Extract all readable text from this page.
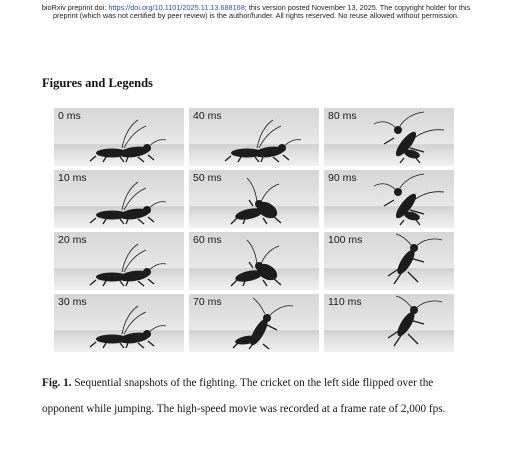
bioRxiv preprint doi: https://doi.org/10.1101/2025.11.13.688168; this version posted November 13, 2025. The copyright holder for this
preprint (which was not certified by peer review) is the author/funder. All rights reserved. No reuse allowed without permission.
Figures and Legends
0 ms	40 ms	80 ms
10 ms	50 ms	90 ms
20 ms	60 ms	100 ms
30 ms	70 ms	110 ms
Fig. 1. Sequential snapshots of the fighting. The cricket on the left side flipped over the opponent while jumping. The high-speed movie was recorded at a frame rate of 2,000 fps.
